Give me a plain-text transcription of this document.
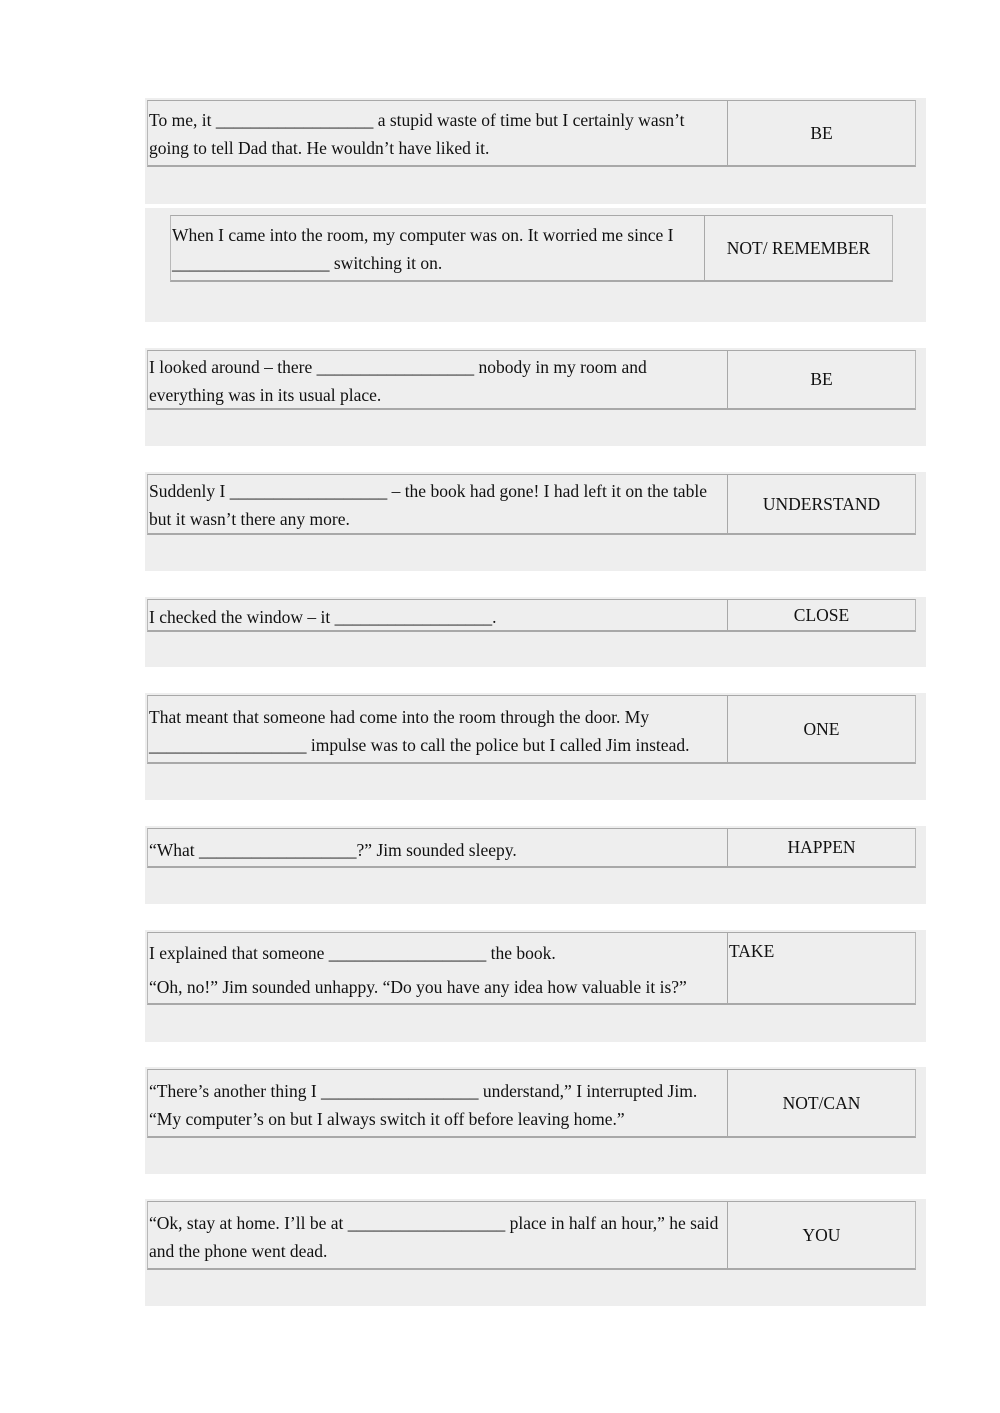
To me, it __________________ a stupid waste of time but I certainly wasn’t going to tell Dad that. He wouldn’t have liked it.
BE
When I came into the room, my computer was on. It worried me since I __________________ switching it on.
NOT/ REMEMBER
I looked around – there __________________ nobody in my room and everything was in its usual place.
BE
Suddenly I __________________ – the book had gone! I had left it on the table but it wasn’t there any more.
UNDERSTAND
I checked the window – it __________________.	CLOSE
That meant that someone had come into the room through the door. My __________________ impulse was to call the police but I called Jim instead.
ONE
“What __________________?” Jim sounded sleepy.	HAPPEN
I explained that someone __________________ the book.
“Oh, no!” Jim sounded unhappy. “Do you have any idea how valuable it is?”
TAKE
“There’s another thing I __________________ understand,” I interrupted Jim. “My computer’s on but I always switch it off before leaving home.”
NOT/CAN
“Ok, stay at home. I’ll be at __________________ place in half an hour,” he said and the phone went dead.
YOU
